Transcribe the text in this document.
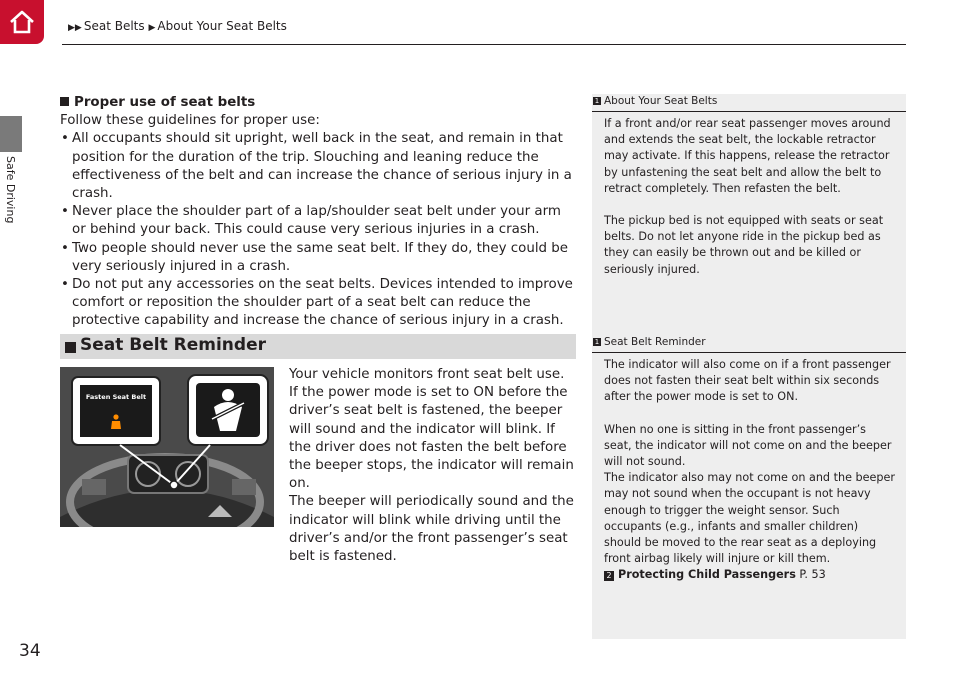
▶▶ Seat Belts ▶ About Your Seat Belts
Safe Driving

Proper use of seat belts

Follow these guidelines for proper use:

• All occupants should sit upright, well back in the seat, and remain in that position for the duration of the trip. Slouching and leaning reduce the effectiveness of the belt and can increase the chance of serious injury in a crash.
• Never place the shoulder part of a lap/shoulder seat belt under your arm or behind your back. This could cause very serious injuries in a crash.
• Two people should never use the same seat belt. If they do, they could be very seriously injured in a crash.
• Do not put any accessories on the seat belts. Devices intended to improve comfort or reposition the shoulder part of a seat belt can reduce the protective capability and increase the chance of serious injury in a crash.
Seat Belt Reminder
Fasten Seat Belt

Your vehicle monitors front seat belt use. If the power mode is set to ON before the driver’s seat belt is fastened, the beeper will sound and the indicator will blink. If the driver does not fasten the belt before the beeper stops, the indicator will remain on.

The beeper will periodically sound and the indicator will blink while driving until the driver’s and/or the front passenger’s seat belt is fastened.

1 About Your Seat Belts

If a front and/or rear seat passenger moves around and extends the seat belt, the lockable retractor may activate. If this happens, release the retractor by unfastening the seat belt and allow the belt to retract completely. Then refasten the belt.

The pickup bed is not equipped with seats or seat belts. Do not let anyone ride in the pickup bed as they can easily be thrown out and be killed or seriously injured.

1 Seat Belt Reminder

The indicator will also come on if a front passenger does not fasten their seat belt within six seconds after the power mode is set to ON.

When no one is sitting in the front passenger’s seat, the indicator will not come on and the beeper will not sound.

The indicator also may not come on and the beeper may not sound when the occupant is not heavy enough to trigger the weight sensor. Such occupants (e.g., infants and smaller children) should be moved to the rear seat as a deploying front airbag likely will injure or kill them.

2 Protecting Child Passengers P. 53

34
